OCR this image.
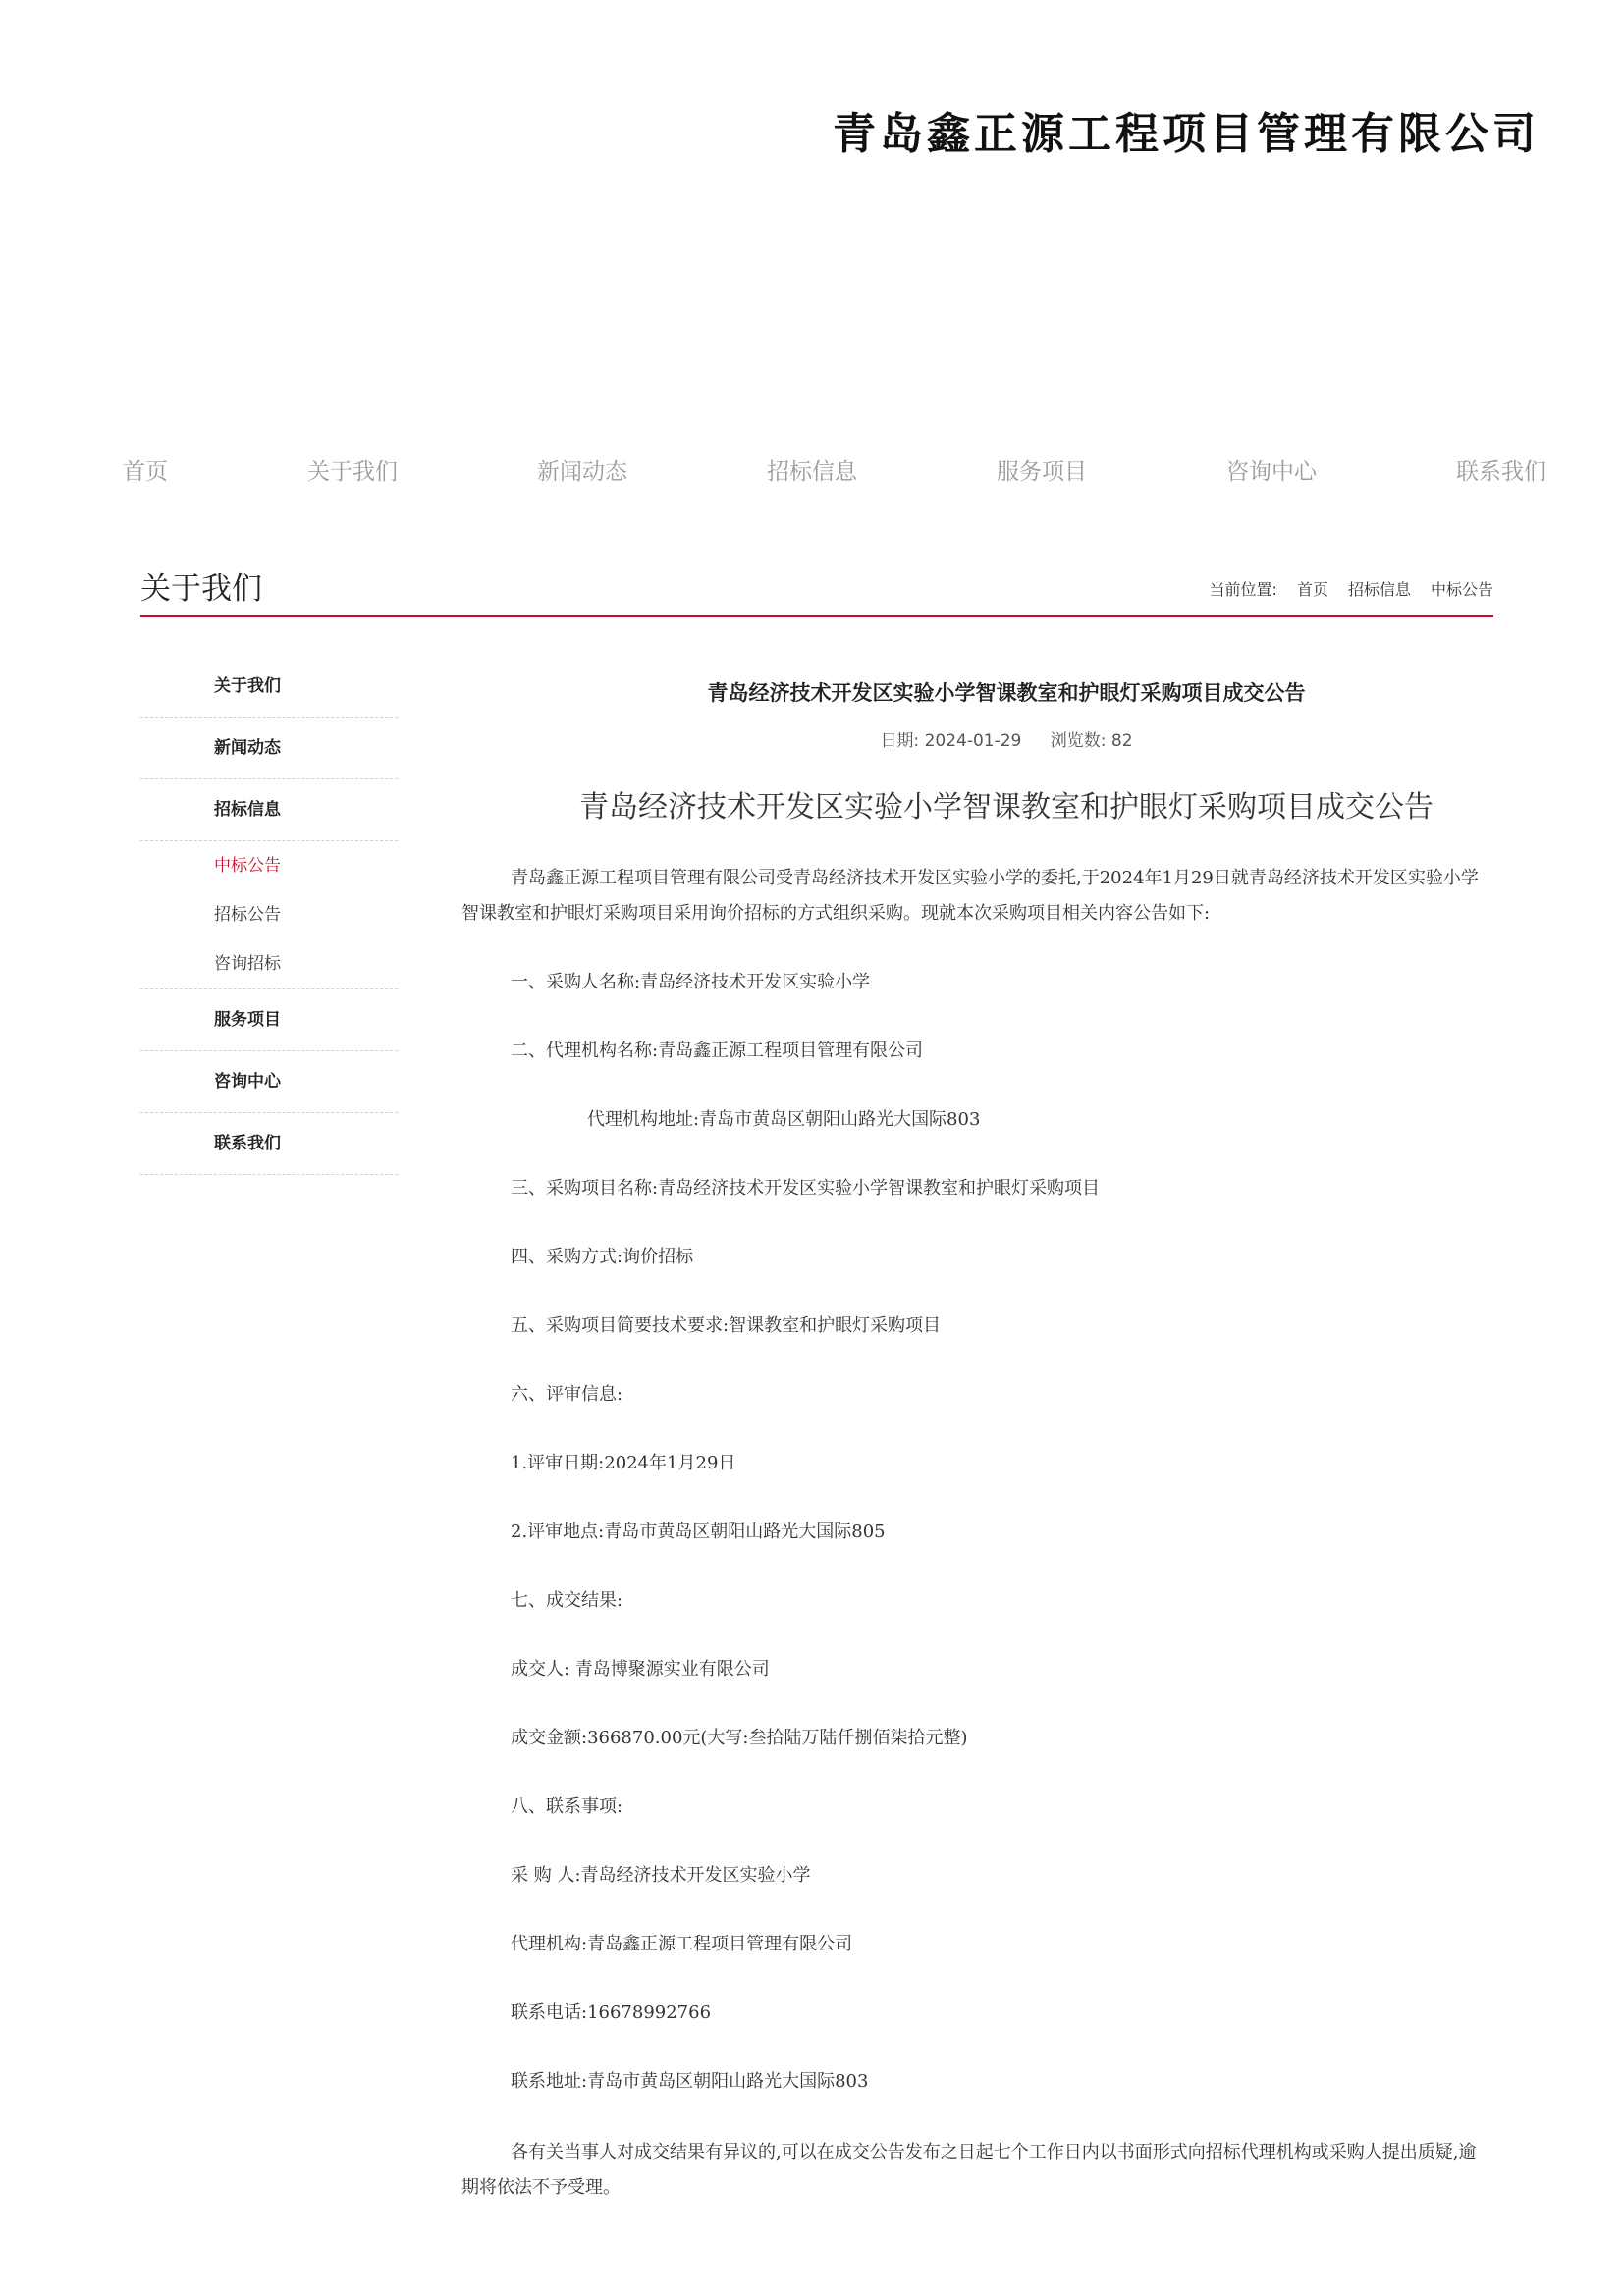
青岛鑫正源工程项目管理有限公司
首页	关于我们	新闻动态	招标信息	服务项目	咨询中心	联系我们
关于我们	当前位置: 首页 招标信息 中标公告
关于我们
新闻动态
招标信息
中标公告
招标公告
咨询招标
服务项目
咨询中心
联系我们
青岛经济技术开发区实验小学智课教室和护眼灯采购项目成交公告
日期: 2024-01-29 浏览数: 82
青岛经济技术开发区实验小学智课教室和护眼灯采购项目成交公告
青岛鑫正源工程项目管理有限公司受青岛经济技术开发区实验小学的委托,于2024年1月29日就青岛经济技术开发区实验小学智课教室和护眼灯采购项目采用询价招标的方式组织采购。现就本次采购项目相关内容公告如下:
一、采购人名称:青岛经济技术开发区实验小学
二、代理机构名称:青岛鑫正源工程项目管理有限公司
代理机构地址:青岛市黄岛区朝阳山路光大国际803
三、采购项目名称:青岛经济技术开发区实验小学智课教室和护眼灯采购项目
四、采购方式:询价招标
五、采购项目简要技术要求:智课教室和护眼灯采购项目
六、评审信息:
1.评审日期:2024年1月29日
2.评审地点:青岛市黄岛区朝阳山路光大国际805
七、成交结果:
成交人: 青岛博聚源实业有限公司
成交金额:366870.00元(大写:叁拾陆万陆仟捌佰柒拾元整)
八、联系事项:
采 购 人:青岛经济技术开发区实验小学
代理机构:青岛鑫正源工程项目管理有限公司
联系电话:16678992766
联系地址:青岛市黄岛区朝阳山路光大国际803
各有关当事人对成交结果有异议的,可以在成交公告发布之日起七个工作日内以书面形式向招标代理机构或采购人提出质疑,逾期将依法不予受理。
